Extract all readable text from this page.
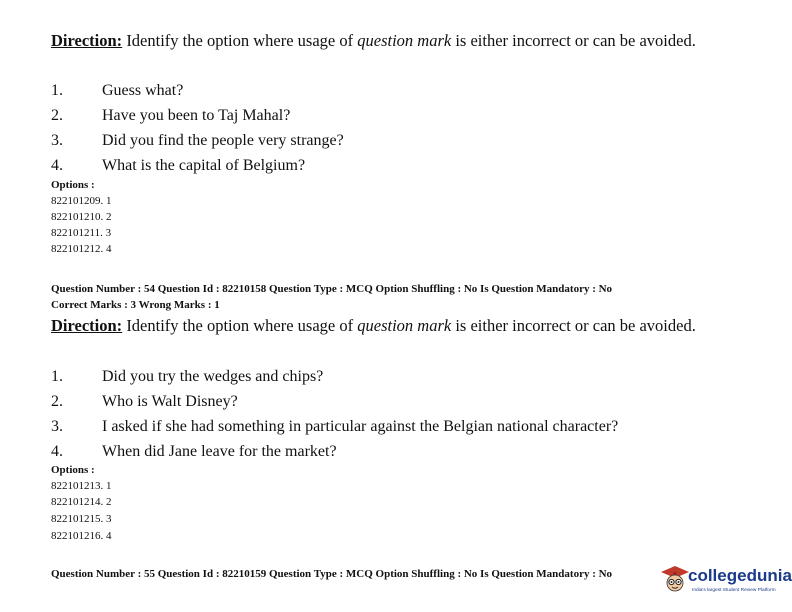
Direction: Identify the option where usage of question mark is either incorrect or can be avoided.
1. Guess what?
2. Have you been to Taj Mahal?
3. Did you find the people very strange?
4. What is the capital of Belgium?
Options :
822101209. 1
822101210. 2
822101211. 3
822101212. 4
Question Number : 54 Question Id : 82210158 Question Type : MCQ Option Shuffling : No Is Question Mandatory : No
Correct Marks : 3 Wrong Marks : 1
Direction: Identify the option where usage of question mark is either incorrect or can be avoided.
1. Did you try the wedges and chips?
2. Who is Walt Disney?
3. I asked if she had something in particular against the Belgian national character?
4. When did Jane leave for the market?
Options :
822101213. 1
822101214. 2
822101215. 3
822101216. 4
Question Number : 55 Question Id : 82210159 Question Type : MCQ Option Shuffling : No Is Question Mandatory : No	collegedunia
India's largest Student Review Platform
